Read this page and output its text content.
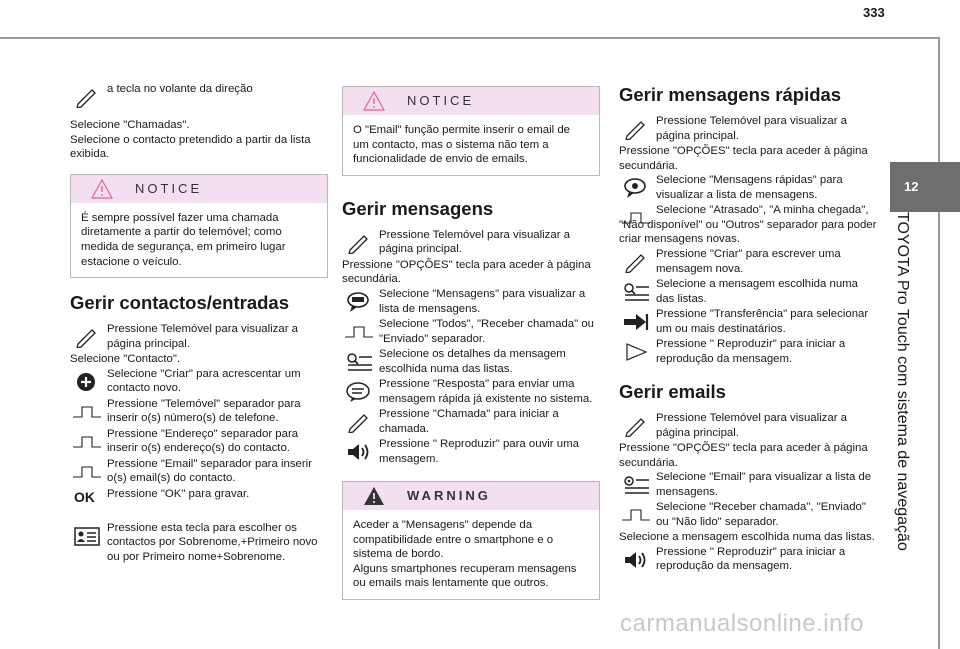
333
12
TOYOTA Pro Touch com sistema de navegação

a tecla no volante da direção

Selecione "Chamadas".

Selecione o contacto pretendido a partir da lista exibida.

NOTICE
É sempre possível fazer uma chamada diretamente a partir do telemóvel; como medida de segurança, em primeiro lugar estacione o veículo.
Gerir contactos/entradas

Pressione Telemóvel para visualizar a página principal.

Selecione "Contacto".

Selecione "Criar" para acrescentar um contacto novo.

Pressione "Telemóvel" separador para inserir o(s) número(s) de telefone.

Pressione "Endereço" separador para inserir o(s) endereço(s) do contacto.

Pressione "Email" separador para inserir o(s) email(s) do contacto.

OK Pressione "OK" para gravar.

Pressione esta tecla para escolher os contactos por Sobrenome,+Primeiro novo ou por Primeiro nome+Sobrenome.

NOTICE
O "Email" função permite inserir o email de um contacto, mas o sistema não tem a funcionalidade de envio de emails.
Gerir mensagens

Pressione Telemóvel para visualizar a página principal.

Pressione "OPÇÕES" tecla para aceder à página secundária.

Selecione "Mensagens" para visualizar a lista de mensagens.

Selecione "Todos", "Receber chamada" ou "Enviado" separador.

Selecione os detalhes da mensagem escolhida numa das listas.

Pressione "Resposta" para enviar uma mensagem rápida já existente no sistema.

Pressione "Chamada" para iniciar a chamada.

Pressione " Reproduzir" para ouvir uma mensagem.

WARNING

Aceder a "Mensagens" depende da compatibilidade entre o smartphone e o sistema de bordo.

Alguns smartphones recuperam mensagens ou emails mais lentamente que outros.

Gerir mensagens rápidas

Pressione Telemóvel para visualizar a página principal.

Pressione "OPÇÕES" tecla para aceder à página secundária.

Selecione "Mensagens rápidas" para visualizar a lista de mensagens.

Selecione "Atrasado", "A minha chegada", "Não disponível" ou "Outros" separador para poder criar mensagens novas.

Pressione "Criar" para escrever uma mensagem nova.

Selecione a mensagem escolhida numa das listas.

Pressione "Transferência" para selecionar um ou mais destinatários.

Pressione " Reproduzir" para iniciar a reprodução da mensagem.

Gerir emails

Pressione Telemóvel para visualizar a página principal.

Pressione "OPÇÕES" tecla para aceder à página secundária.

Selecione "Email" para visualizar a lista de mensagens.

Selecione "Receber chamada", "Enviado" ou "Não lido" separador.

Selecione a mensagem escolhida numa das listas.

Pressione " Reproduzir" para iniciar a reprodução da mensagem.

carmanualsonline.info
